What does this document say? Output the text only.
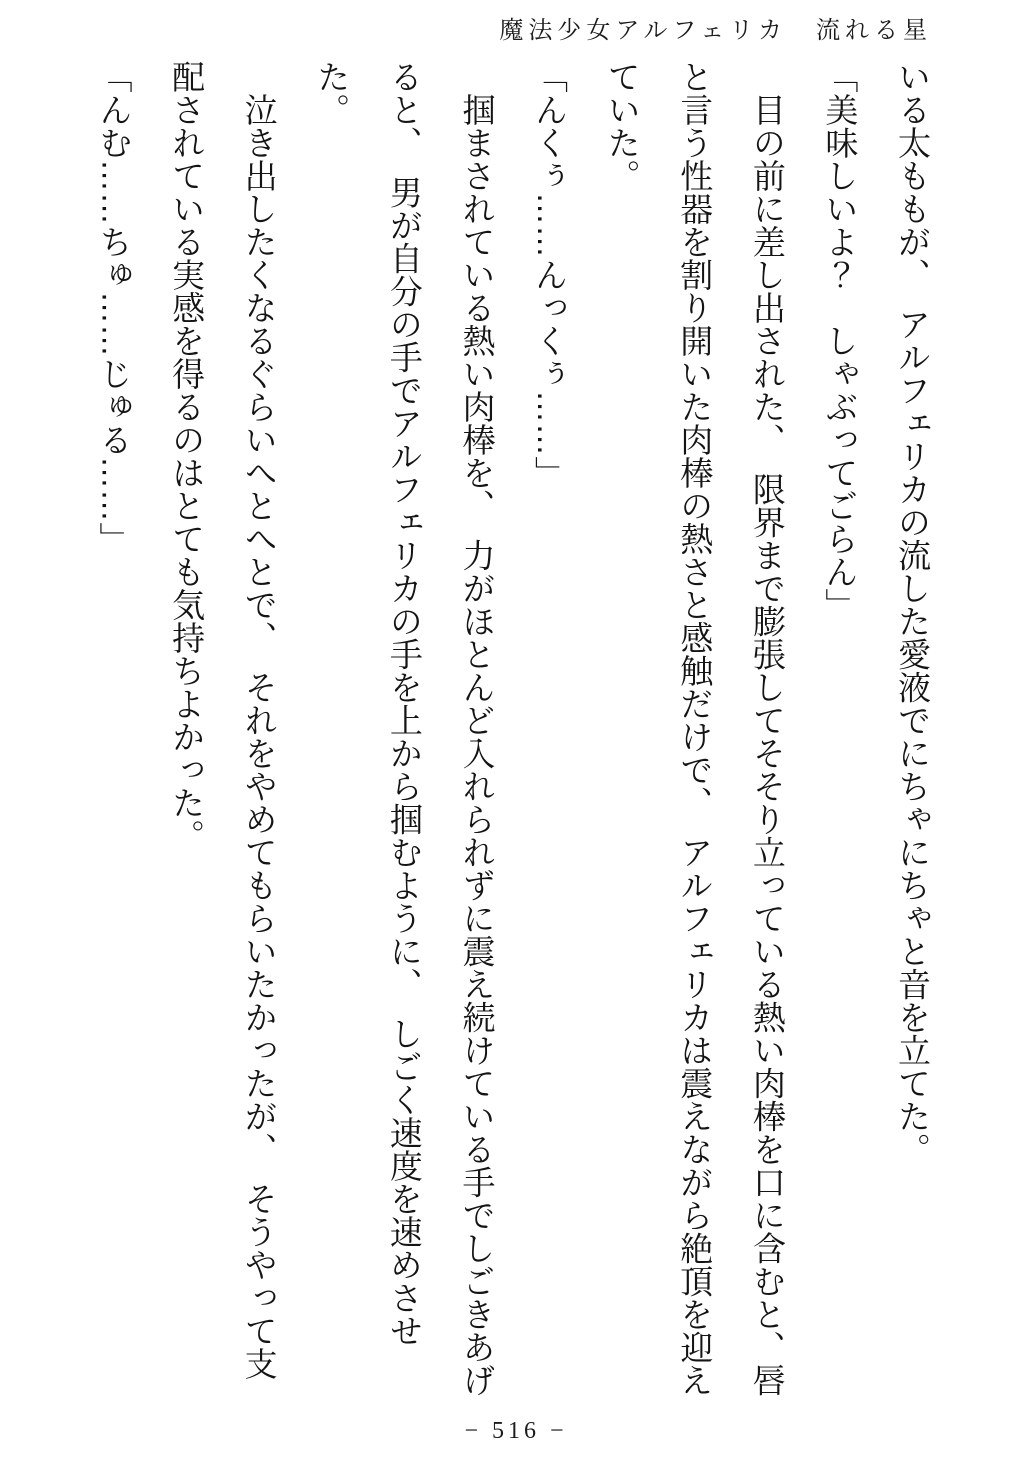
魔法少女アルフェリカ　流れる星

いる太ももが、　アルフェリカの流した愛液でにちゃにちゃと音を立てた。

「美味しいよ？　しゃぶってごらん」

　目の前に差し出された、　限界まで膨張してそそり立っている熱い肉棒を口に含むと、唇と言う性器を割り開いた肉棒の熱さと感触だけで、　アルフェリカは震えながら絶頂を迎えていた。

「んくぅ……んっくぅ……」

　掴まされている熱い肉棒を、　力がほとんど入れられずに震え続けている手でしごきあげると、　男が自分の手でアルフェリカの手を上から掴むように、　しごく速度を速めさせた。

　泣き出したくなるぐらいへとへとで、　それをやめてもらいたかったが、　そうやって支配されている実感を得るのはとても気持ちよかった。

「んむ……ちゅ……じゅる……」

− 516 −
